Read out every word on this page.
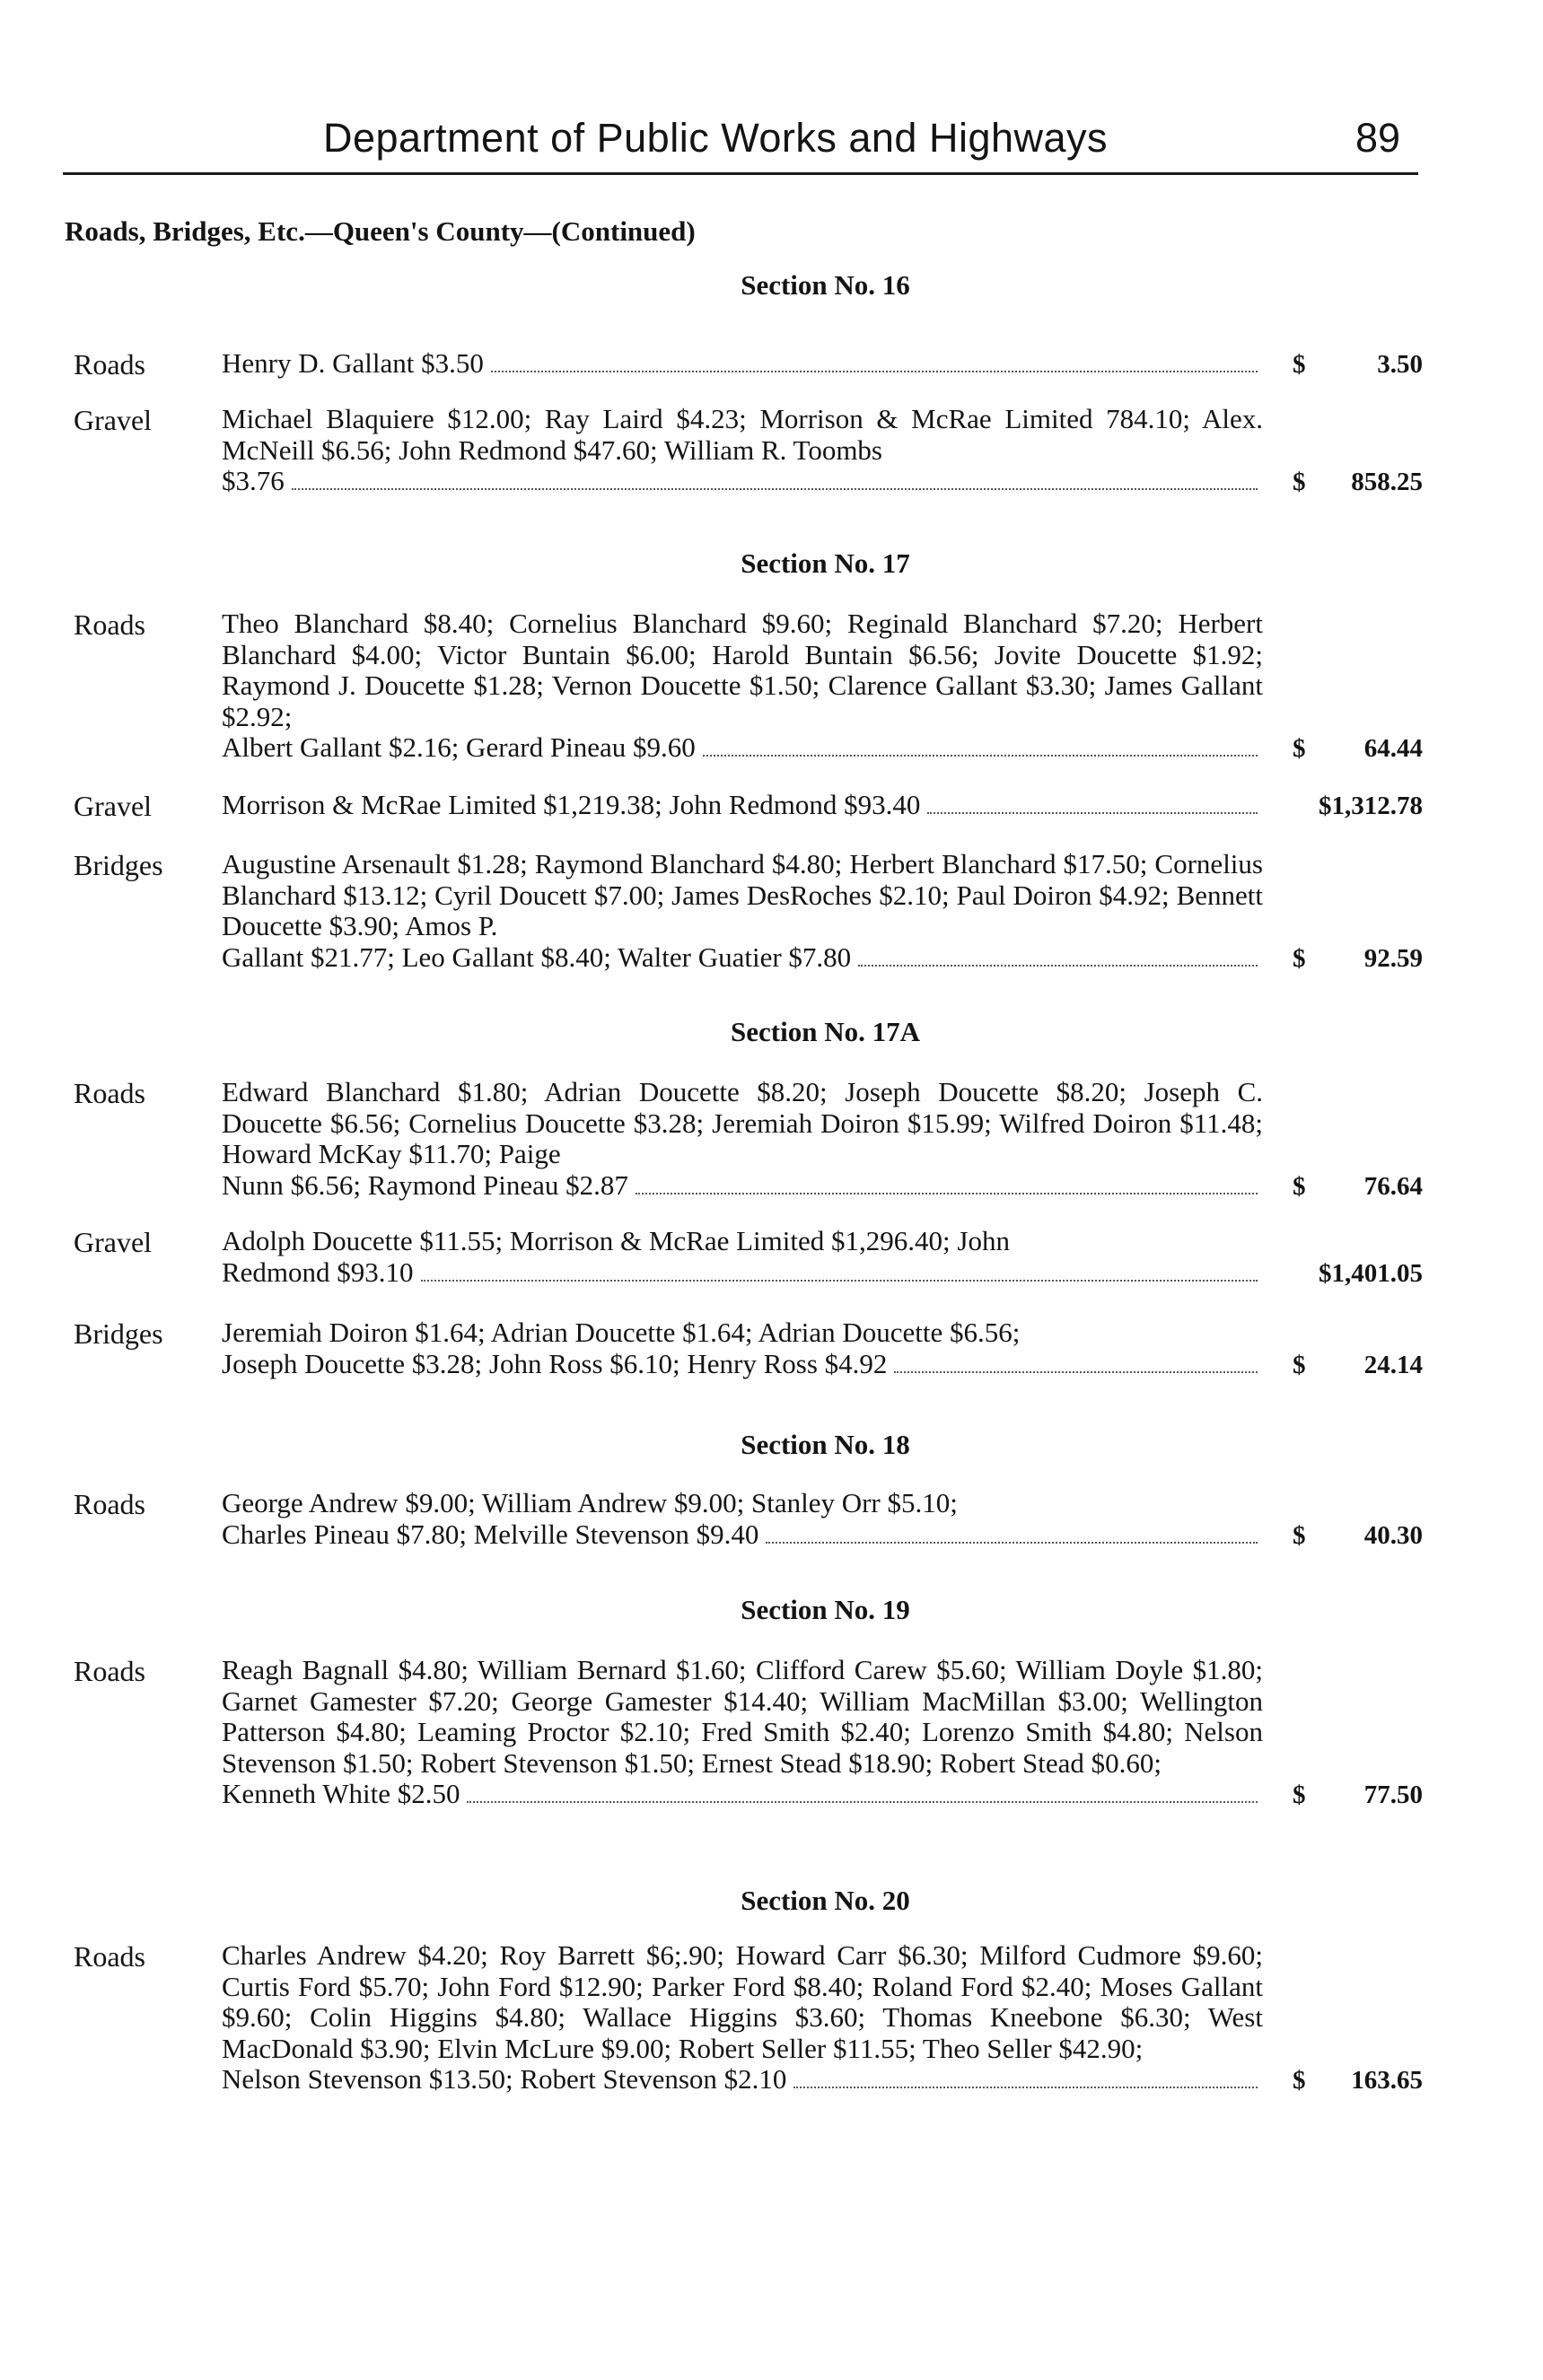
Department of Public Works and Highways	89
Roads, Bridges, Etc.—Queen's County—(Continued)
Section No. 16
Roads	Henry D. Gallant $3.50	$	3.50
Gravel	Michael Blaquiere $12.00; Ray Laird $4.23; Morrison & McRae Limited 784.10; Alex. McNeill $6.56; John Redmond $47.60; William R. Toombs
$3.76	$ 858.25
Section No. 17
Roads	Theo Blanchard $8.40; Cornelius Blanchard $9.60; Reginald Blanchard $7.20; Herbert Blanchard $4.00; Victor Buntain $6.00; Harold Buntain $6.56; Jovite Doucette $1.92; Raymond J. Doucette $1.28; Vernon Doucette $1.50; Clarence Gallant $3.30; James Gallant $2.92;
Albert Gallant $2.16; Gerard Pineau $9.60	$ 64.44
Gravel	Morrison & McRae Limited $1,219.38; John Redmond $93.40	$1,312.78
Bridges Augustine Arsenault $1.28; Raymond Blanchard $4.80; Herbert Blanchard $17.50; Cornelius Blanchard $13.12; Cyril Doucett $7.00; James DesRoches $2.10; Paul Doiron $4.92; Bennett Doucette $3.90; Amos P.
Gallant $21.77; Leo Gallant $8.40; Walter Guatier $7.80	$ 92.59
Section No. 17A
Roads	Edward Blanchard $1.80; Adrian Doucette $8.20; Joseph Doucette $8.20; Joseph C. Doucette $6.56; Cornelius Doucette $3.28; Jeremiah Doiron $15.99; Wilfred Doiron $11.48; Howard McKay $11.70; Paige
Nunn $6.56; Raymond Pineau $2.87	$ 76.64
Gravel	Adolph Doucette $11.55; Morrison & McRae Limited $1,296.40; John
Redmond $93.10	$1,401.05
Bridges Jeremiah Doiron $1.64; Adrian Doucette $1.64; Adrian Doucette $6.56;
Joseph Doucette $3.28; John Ross $6.10; Henry Ross $4.92	$ 24.14
Section No. 18
Roads	George Andrew $9.00; William Andrew $9.00; Stanley Orr $5.10;
Charles Pineau $7.80; Melville Stevenson $9.40	$ 40.30
Section No. 19
Roads	Reagh Bagnall $4.80; William Bernard $1.60; Clifford Carew $5.60; William Doyle $1.80; Garnet Gamester $7.20; George Gamester $14.40; William MacMillan $3.00; Wellington Patterson $4.80; Leaming Proctor $2.10; Fred Smith $2.40; Lorenzo Smith $4.80; Nelson Stevenson $1.50; Robert Stevenson $1.50; Ernest Stead $18.90; Robert Stead $0.60;
Kenneth White $2.50	$ 77.50
Section No. 20
Roads	Charles Andrew $4.20; Roy Barrett $6;.90; Howard Carr $6.30; Milford Cudmore $9.60; Curtis Ford $5.70; John Ford $12.90; Parker Ford $8.40; Roland Ford $2.40; Moses Gallant $9.60; Colin Higgins $4.80; Wallace Higgins $3.60; Thomas Kneebone $6.30; West MacDonald $3.90; Elvin McLure $9.00; Robert Seller $11.55; Theo Seller $42.90;
Nelson Stevenson $13.50; Robert Stevenson $2.10	$ 163.65
